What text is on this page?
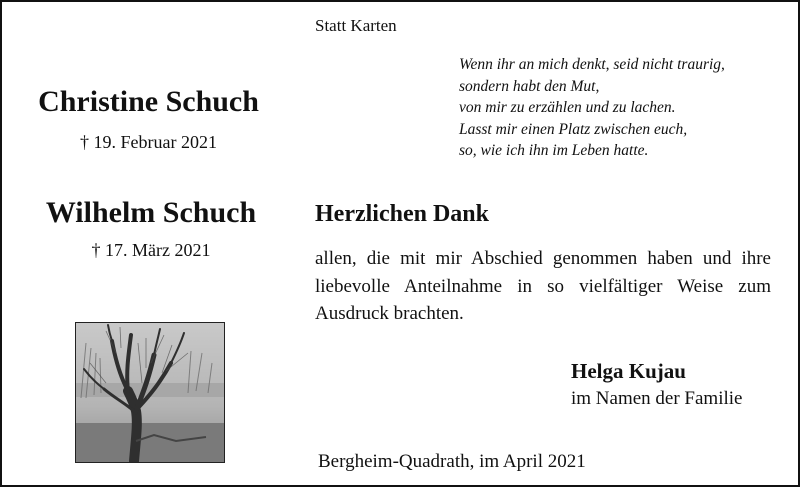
Statt Karten
Wenn ihr an mich denkt, seid nicht traurig,
sondern habt den Mut,
von mir zu erzählen und zu lachen.
Lasst mir einen Platz zwischen euch,
so, wie ich ihn im Leben hatte.
Christine Schuch
† 19. Februar 2021
Wilhelm Schuch
† 17. März 2021
Herzlichen Dank
allen, die mit mir Abschied genommen haben und ihre liebevolle Anteilnahme in so vielfältiger Weise zum Ausdruck brachten.
Helga Kujau
im Namen der Familie
Bergheim-Quadrath, im April 2021
